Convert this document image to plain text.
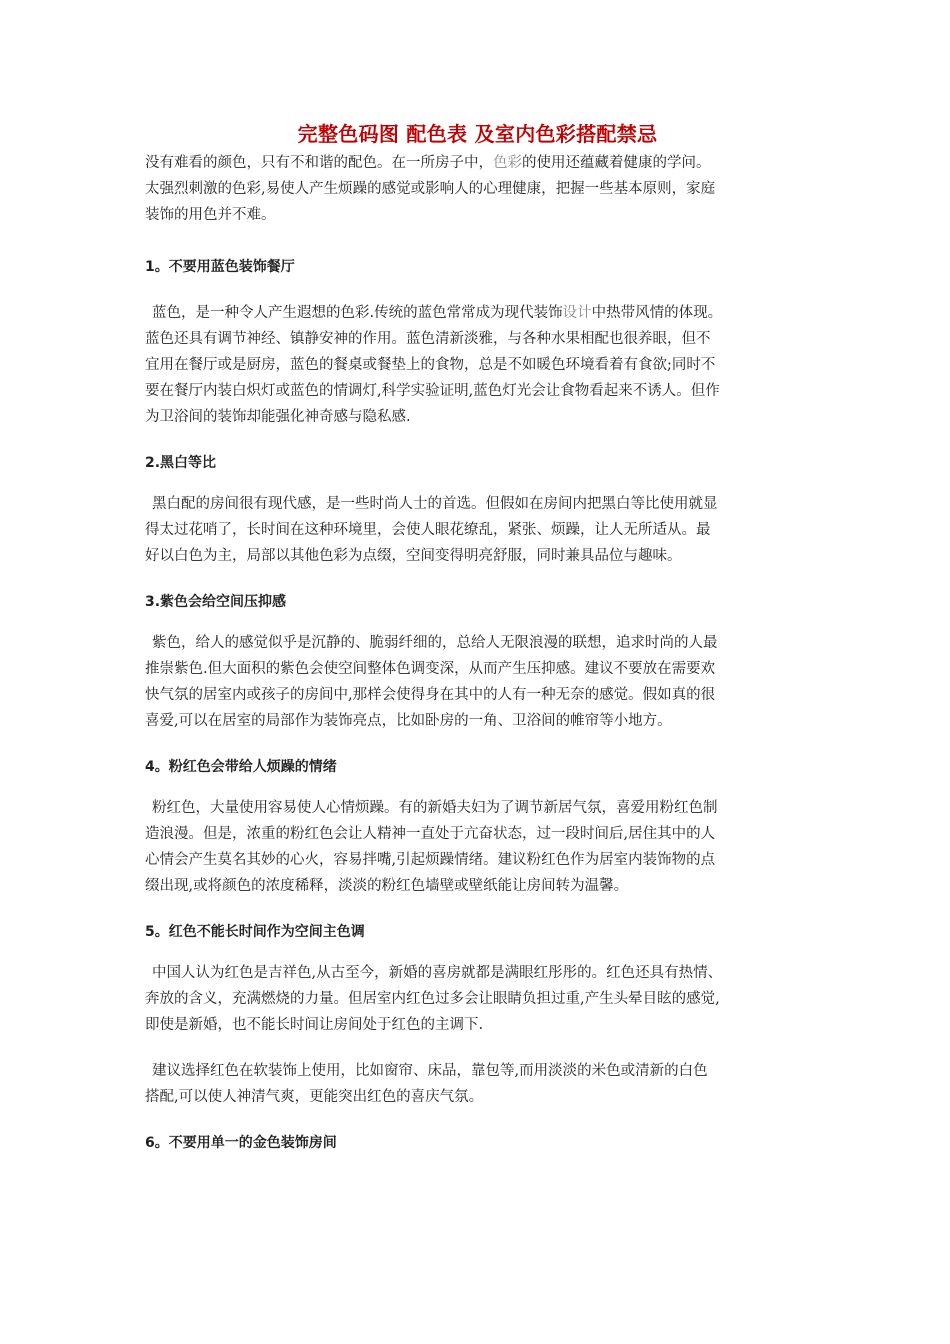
完整色码图 配色表 及室内色彩搭配禁忌

没有难看的颜色，只有不和谐的配色。在一所房子中，色彩的使用还蕴藏着健康的学问。
太强烈刺激的色彩,易使人产生烦躁的感觉或影响人的心理健康，把握一些基本原则，家庭
装饰的用色并不难。

1。不要用蓝色装饰餐厅

蓝色，是一种令人产生遐想的色彩.传统的蓝色常常成为现代装饰设计中热带风情的体现。
蓝色还具有调节神经、镇静安神的作用。蓝色清新淡雅，与各种水果相配也很养眼，但不
宜用在餐厅或是厨房，蓝色的餐桌或餐垫上的食物，总是不如暖色环境看着有食欲;同时不
要在餐厅内装白炽灯或蓝色的情调灯,科学实验证明,蓝色灯光会让食物看起来不诱人。但作
为卫浴间的装饰却能强化神奇感与隐私感.

2.黑白等比

黑白配的房间很有现代感，是一些时尚人士的首选。但假如在房间内把黑白等比使用就显
得太过花哨了，长时间在这种环境里，会使人眼花缭乱，紧张、烦躁，让人无所适从。最
好以白色为主，局部以其他色彩为点缀，空间变得明亮舒服，同时兼具品位与趣味。

3.紫色会给空间压抑感

紫色，给人的感觉似乎是沉静的、脆弱纤细的，总给人无限浪漫的联想，追求时尚的人最
推崇紫色.但大面积的紫色会使空间整体色调变深，从而产生压抑感。建议不要放在需要欢
快气氛的居室内或孩子的房间中,那样会使得身在其中的人有一种无奈的感觉。假如真的很
喜爱,可以在居室的局部作为装饰亮点，比如卧房的一角、卫浴间的帷帘等小地方。

4。粉红色会带给人烦躁的情绪

粉红色，大量使用容易使人心情烦躁。有的新婚夫妇为了调节新居气氛，喜爱用粉红色制
造浪漫。但是，浓重的粉红色会让人精神一直处于亢奋状态，过一段时间后,居住其中的人
心情会产生莫名其妙的心火，容易拌嘴,引起烦躁情绪。建议粉红色作为居室内装饰物的点
缀出现,或将颜色的浓度稀释，淡淡的粉红色墙壁或壁纸能让房间转为温馨。

5。红色不能长时间作为空间主色调

中国人认为红色是吉祥色,从古至今，新婚的喜房就都是满眼红彤彤的。红色还具有热情、
奔放的含义，充满燃烧的力量。但居室内红色过多会让眼睛负担过重,产生头晕目眩的感觉,
即使是新婚，也不能长时间让房间处于红色的主调下.

建议选择红色在软装饰上使用，比如窗帘、床品，靠包等,而用淡淡的米色或清新的白色
搭配,可以使人神清气爽，更能突出红色的喜庆气氛。

6。不要用单一的金色装饰房间
